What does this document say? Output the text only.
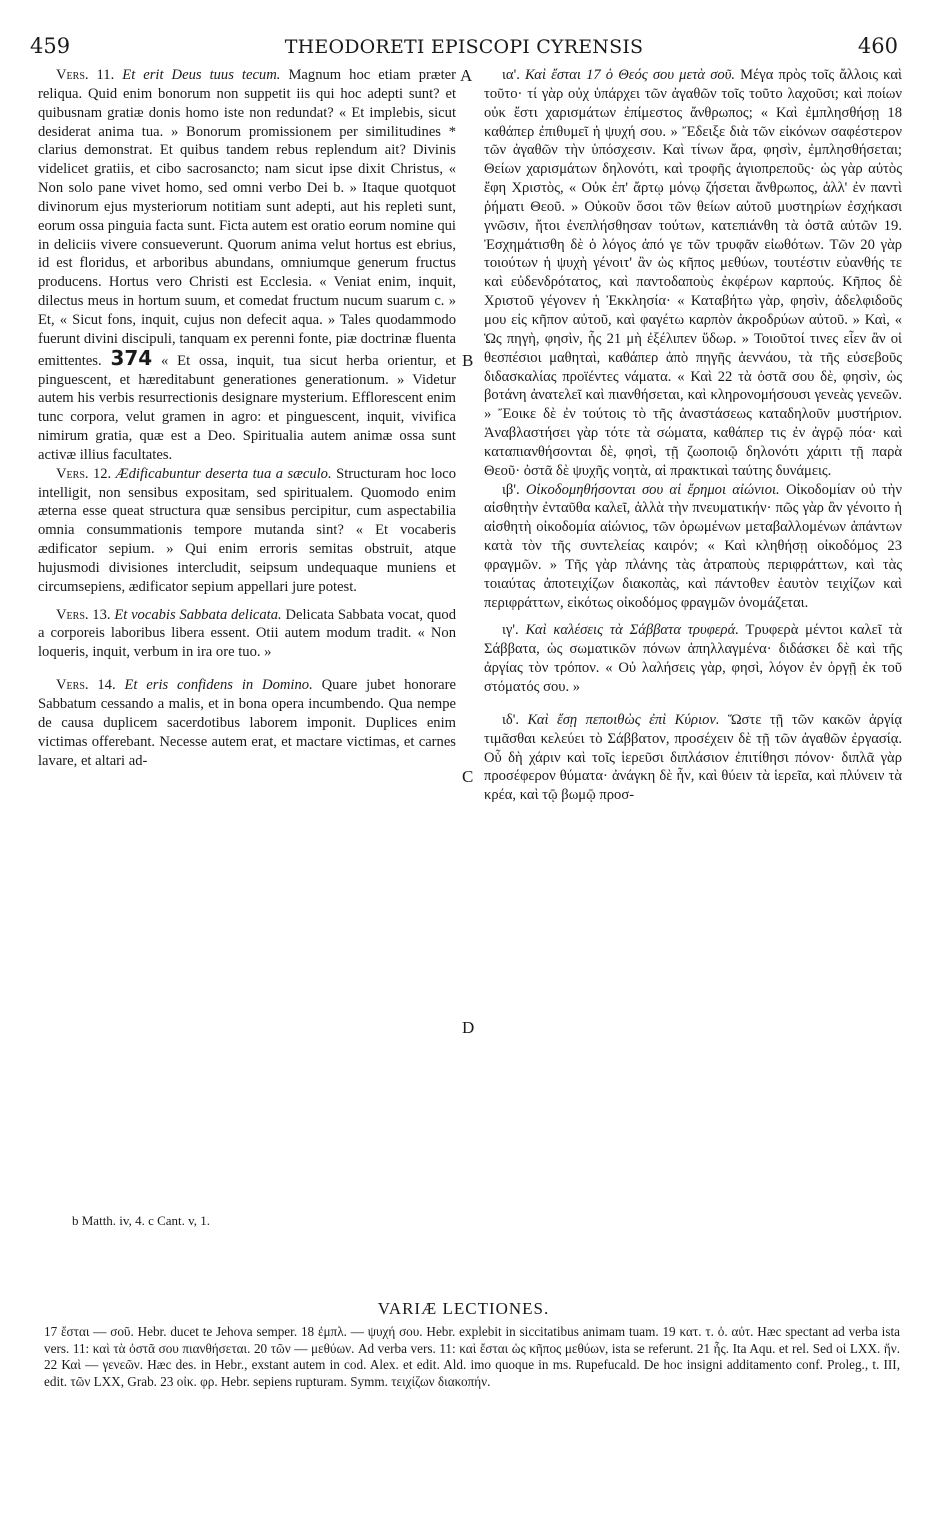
459	THEODORETI EPISCOPI CYRENSIS	460
A
B
C
D

Vers. 11. Et erit Deus tuus tecum. Magnum hoc etiam præter reliqua. Quid enim bonorum non suppetit iis qui hoc adepti sunt? et quibusnam gratiæ donis homo iste non redundat? « Et implebis, sicut desiderat anima tua. » Bonorum promissionem per similitudines * clarius demonstrat. Et quibus tandem rebus replendum ait? Divinis videlicet gratiis, et cibo sacrosancto; nam sicut ipse dixit Christus, « Non solo pane vivet homo, sed omni verbo Dei b. » Itaque quotquot divinorum ejus mysteriorum notitiam sunt adepti, aut his repleti sunt, eorum ossa pinguia facta sunt. Ficta autem est oratio eorum nomine qui in deliciis vivere consueverunt. Quorum anima velut hortus est ebrius, id est floridus, et arboribus abundans, omniumque generum fructus producens. Hortus vero Christi est Ecclesia. « Veniat enim, inquit, dilectus meus in hortum suum, et comedat fructum nucum suarum c. » Et, « Sicut fons, inquit, cujus non defecit aqua. » Tales quodammodo fuerunt divini discipuli, tanquam ex perenni fonte, piæ doctrinæ fluenta emittentes. 374 « Et ossa, inquit, tua sicut herba orientur, et pinguescent, et hæreditabunt generationes generationum. » Videtur autem his verbis resurrectionis designare mysterium. Efflorescent enim tunc corpora, velut gramen in agro: et pinguescent, inquit, vivifica nimirum gratia, quæ est a Deo. Spiritualia autem animæ ossa sunt activæ illius facultates.

Vers. 12. Ædificabuntur deserta tua a sæculo. Structuram hoc loco intelligit, non sensibus expositam, sed spiritualem. Quomodo enim æterna esse queat structura quæ sensibus percipitur, cum aspectabilia omnia consummationis tempore mutanda sint? « Et vocaberis ædificator sepium. » Qui enim erroris semitas obstruit, atque hujusmodi divisiones intercludit, seipsum undequaque muniens et circumsepiens, ædificator sepium appellari jure potest.

Vers. 13. Et vocabis Sabbata delicata. Delicata Sabbata vocat, quod a corporeis laboribus libera essent. Otii autem modum tradit. « Non loqueris, inquit, verbum in ira ore tuo. »

Vers. 14. Et eris confidens in Domino. Quare jubet honorare Sabbatum cessando a malis, et in bona opera incumbendo. Qua nempe de causa duplicem sacerdotibus laborem imponit. Duplices enim victimas offerebant. Necesse autem erat, et mactare victimas, et carnes lavare, et altari ad-

ια'. Καὶ ἔσται 17 ὁ Θεός σου μετὰ σοῦ. Μέγα πρὸς τοῖς ἄλλοις καὶ τοῦτο· τί γὰρ οὐχ ὑπάρχει τῶν ἀγαθῶν τοῖς τοῦτο λαχοῦσι; καὶ ποίων οὐκ ἔστι χαρισμάτων ἐπίμεστος ἄνθρωπος; « Καὶ ἐμπλησθήσῃ 18 καθάπερ ἐπιθυμεῖ ἡ ψυχή σου. » Ἔδειξε διὰ τῶν εἰκόνων σαφέστερον τῶν ἀγαθῶν τὴν ὑπόσχεσιν. Καὶ τίνων ἄρα, φησὶν, ἐμπλησθήσεται; Θείων χαρισμάτων δηλονότι, καὶ τροφῆς ἁγιοπρεποῦς· ὡς γὰρ αὐτὸς ἔφη Χριστὸς, « Οὐκ ἐπ' ἄρτῳ μόνῳ ζήσεται ἄνθρωπος, ἀλλ' ἐν παντὶ ῥήματι Θεοῦ. » Οὐκοῦν ὅσοι τῶν θείων αὐτοῦ μυστηρίων ἐσχήκασι γνῶσιν, ἤτοι ἐνεπλήσθησαν τούτων, κατεπιάνθη τὰ ὀστᾶ αὐτῶν 19. Ἐσχημάτισθη δὲ ὁ λόγος ἀπό γε τῶν τρυφᾶν εἰωθότων. Τῶν 20 γὰρ τοιούτων ἡ ψυχὴ γένοιτ' ἂν ὡς κῆπος μεθύων, τουτέστιν εὐανθής τε καὶ εὐδενδρότατος, καὶ παντοδαποὺς ἐκφέρων καρπούς. Κῆπος δὲ Χριστοῦ γέγονεν ἡ Ἐκκλησία· « Καταβήτω γὰρ, φησὶν, ἀδελφιδοῦς μου εἰς κῆπον αὐτοῦ, καὶ φαγέτω καρπὸν ἀκροδρύων αὐτοῦ. » Καὶ, « Ὡς πηγὴ, φησὶν, ἧς 21 μὴ ἐξέλιπεν ὕδωρ. » Τοιοῦτοί τινες εἶεν ἂν οἱ θεσπέσιοι μαθηταὶ, καθάπερ ἀπὸ πηγῆς ἀεννάου, τὰ τῆς εὐσεβοῦς διδασκαλίας προϊέντες νάματα. « Καὶ 22 τὰ ὀστᾶ σου δὲ, φησὶν, ὡς βοτάνη ἀνατελεῖ καὶ πιανθήσεται, καὶ κληρονομήσουσι γενεὰς γενεῶν. » Ἔοικε δὲ ἐν τούτοις τὸ τῆς ἀναστάσεως καταδηλοῦν μυστήριον. Ἀναβλαστήσει γὰρ τότε τὰ σώματα, καθάπερ τις ἐν ἀγρῷ πόα· καὶ καταπιανθήσονται δὲ, φησὶ, τῇ ζωοποιῷ δηλονότι χάριτι τῇ παρὰ Θεοῦ· ὀστᾶ δὲ ψυχῆς νοητὰ, αἱ πρακτικαὶ ταύτης δυνάμεις.

ιβ'. Οἰκοδομηθήσονται σου αἱ ἔρημοι αἰώνιοι. Οἰκοδομίαν οὐ τὴν αἰσθητὴν ἐνταῦθα καλεῖ, ἀλλὰ τὴν πνευματικήν· πῶς γὰρ ἂν γένοιτο ἡ αἰσθητὴ οἰκοδομία αἰώνιος, τῶν ὁρωμένων μεταβαλλομένων ἁπάντων κατὰ τὸν τῆς συντελείας καιρόν; « Καὶ κληθήσῃ οἰκοδόμος 23 φραγμῶν. » Τῆς γὰρ πλάνης τὰς ἀτραποὺς περιφράττων, καὶ τὰς τοιαύτας ἀποτειχίζων διακοπὰς, καὶ πάντοθεν ἑαυτὸν τειχίζων καὶ περιφράττων, εἰκότως οἰκοδόμος φραγμῶν ὀνομάζεται.

ιγ'. Καὶ καλέσεις τὰ Σάββατα τρυφερά. Τρυφερὰ μέντοι καλεῖ τὰ Σάββατα, ὡς σωματικῶν πόνων ἀπηλλαγμένα· διδάσκει δὲ καὶ τῆς ἀργίας τὸν τρόπον. « Οὐ λαλήσεις γὰρ, φησὶ, λόγον ἐν ὀργῇ ἐκ τοῦ στόματός σου. »

ιδ'. Καὶ ἔσῃ πεποιθὼς ἐπὶ Κύριον. Ὥστε τῇ τῶν κακῶν ἀργίᾳ τιμᾶσθαι κελεύει τὸ Σάββατον, προσέχειν δὲ τῇ τῶν ἀγαθῶν ἐργασίᾳ. Οὗ δὴ χάριν καὶ τοῖς ἱερεῦσι διπλάσιον ἐπιτίθησι πόνον· διπλᾶ γὰρ προσέφερον θύματα· ἀνάγκη δὲ ἦν, καὶ θύειν τὰ ἱερεῖα, καὶ πλύνειν τὰ κρέα, καὶ τῷ βωμῷ προσ-

b Matth. iv, 4. c Cant. v, 1.
VARIÆ LECTIONES.

17 ἔσται — σοῦ. Hebr. ducet te Jehova semper. 18 ἐμπλ. — ψυχή σου. Hebr. explebit in siccitatibus animam tuam. 19 κατ. τ. ὀ. αὐτ. Hæc spectant ad verba ista vers. 11: καὶ τὰ ὀστᾶ σου πιανθήσεται. 20 τῶν — μεθύων. Ad verba vers. 11: καὶ ἔσται ὡς κῆπος μεθύων, ista se referunt. 21 ἧς. Ita Aqu. et rel. Sed οἱ LXX. ἥν. 22 Καὶ — γενεῶν. Hæc des. in Hebr., exstant autem in cod. Alex. et edit. Ald. imo quoque in ms. Rupefucald. De hoc insigni additamento conf. Proleg., t. III, edit. τῶν LXX, Grab. 23 οἰκ. φρ. Hebr. sepiens rupturam. Symm. τειχίζων διακοπήν.
